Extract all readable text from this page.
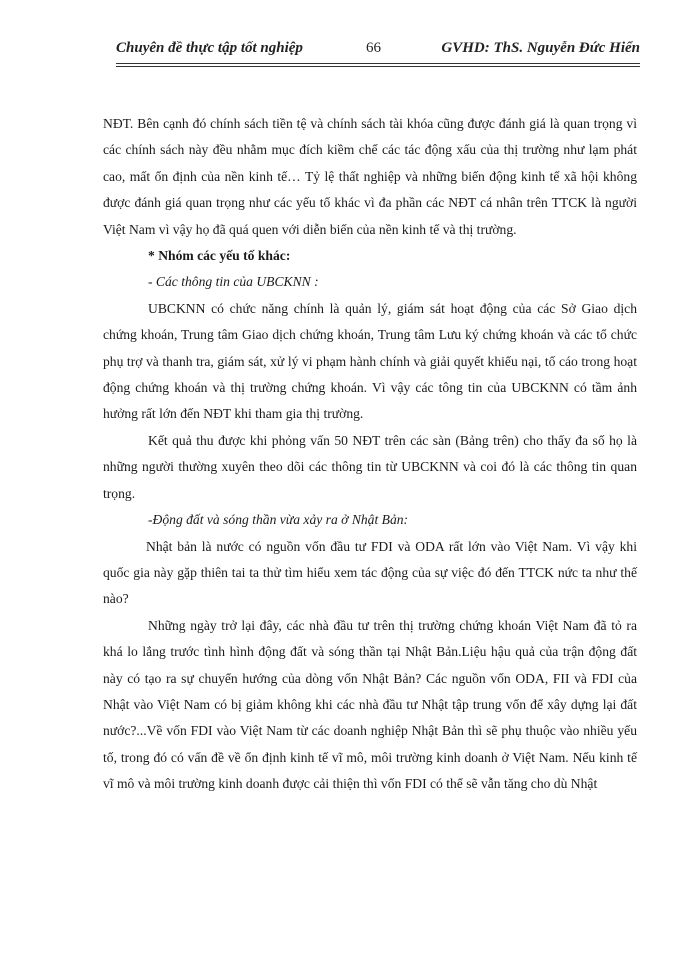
Chuyên đề thực tập tốt nghiệp	66	GVHD: ThS. Nguyễn Đức Hiển

NĐT. Bên cạnh đó chính sách tiền tệ và chính sách tài khóa cũng được đánh giá là quan trọng vì các chính sách này đều nhằm mục đích kiềm chế các tác động xấu của thị trường như lạm phát cao, mất ổn định của nền kinh tế… Tỷ lệ thất nghiệp và những biến động kinh tế xã hội không được đánh giá quan trọng như các yếu tố khác vì đa phần các NĐT cá nhân trên TTCK là người Việt Nam vì vậy họ đã quá quen với diễn biến của nền kinh tế và thị trường.

* Nhóm các yếu tố khác:

- Các thông tin của UBCKNN :

UBCKNN có chức năng chính là quản lý, giám sát hoạt động của các Sở Giao dịch chứng khoán, Trung tâm Giao dịch chứng khoán, Trung tâm Lưu ký chứng khoán và các tổ chức phụ trợ và thanh tra, giám sát, xử lý vi phạm hành chính và giải quyết khiếu nại, tố cáo trong hoạt động chứng khoán và thị trường chứng khoán. Vì vậy các tông tin của UBCKNN có tầm ảnh hưởng rất lớn đến NĐT khi tham gia thị trường.

Kết quả thu được khi phỏng vấn 50 NĐT trên các sàn (Bảng trên) cho thấy đa số họ là những người thường xuyên theo dõi các thông tin từ UBCKNN và coi đó là các thông tin quan trọng.

-Động đất và sóng thần vừa xảy ra ở Nhật Bản:

Nhật bản là nước có nguồn vốn đầu tư FDI và ODA rất lớn vào Việt Nam. Vì vậy khi quốc gia này gặp thiên tai ta thử tìm hiểu xem tác động của sự việc đó đến TTCK nức ta như thế nào?

Những ngày trở lại đây, các nhà đầu tư trên thị trường chứng khoán Việt Nam đã tỏ ra khá lo lắng trước tình hình động đất và sóng thần tại Nhật Bản.Liệu hậu quả của trận động đất này có tạo ra sự chuyển hướng của dòng vốn Nhật Bản? Các nguồn vốn ODA, FII và FDI của Nhật vào Việt Nam có bị giảm không khi các nhà đầu tư Nhật tập trung vốn để xây dựng lại đất nước?...Về vốn FDI vào Việt Nam từ các doanh nghiệp Nhật Bản thì sẽ phụ thuộc vào nhiều yếu tố, trong đó có vấn đề về ổn định kinh tế vĩ mô, môi trường kinh doanh ở Việt Nam. Nếu kinh tế vĩ mô và môi trường kinh doanh được cải thiện thì vốn FDI có thể sẽ vẫn tăng cho dù Nhật
